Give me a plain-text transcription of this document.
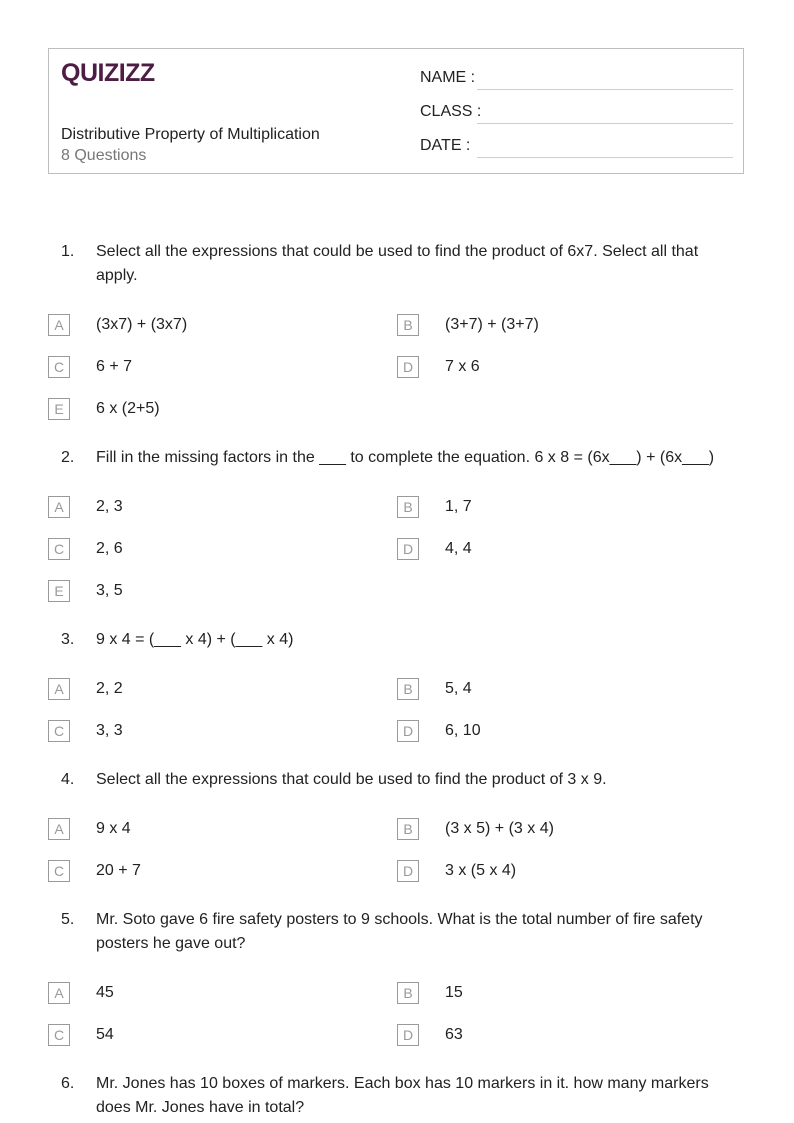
QUIZIZZ
Distributive Property of Multiplication
8 Questions
NAME :
CLASS :
DATE :
1. Select all the expressions that could be used to find the product of 6x7. Select all that apply.
A	(3x7) + (3x7)	B	(3+7) + (3+7)
C	6 + 7	D	7 x 6
E	6 x (2+5)
2. Fill in the missing factors in the ___ to complete the equation. 6 x 8 = (6x___) + (6x___)
A	2, 3	B	1, 7
C	2, 6	D	4, 4
E	3, 5
3. 9 x 4 = (___ x 4) + (___ x 4)
A	2, 2	B	5, 4
C	3, 3	D	6, 10
4. Select all the expressions that could be used to find the product of 3 x 9.
A	9 x 4	B	(3 x 5) + (3 x 4)
C	20 + 7	D	3 x (5 x 4)
5. Mr. Soto gave 6 fire safety posters to 9 schools. What is the total number of fire safety posters he gave out?
A	45	B	15
C	54	D	63
6. Mr. Jones has 10 boxes of markers. Each box has 10 markers in it. how many markers does Mr. Jones have in total?
